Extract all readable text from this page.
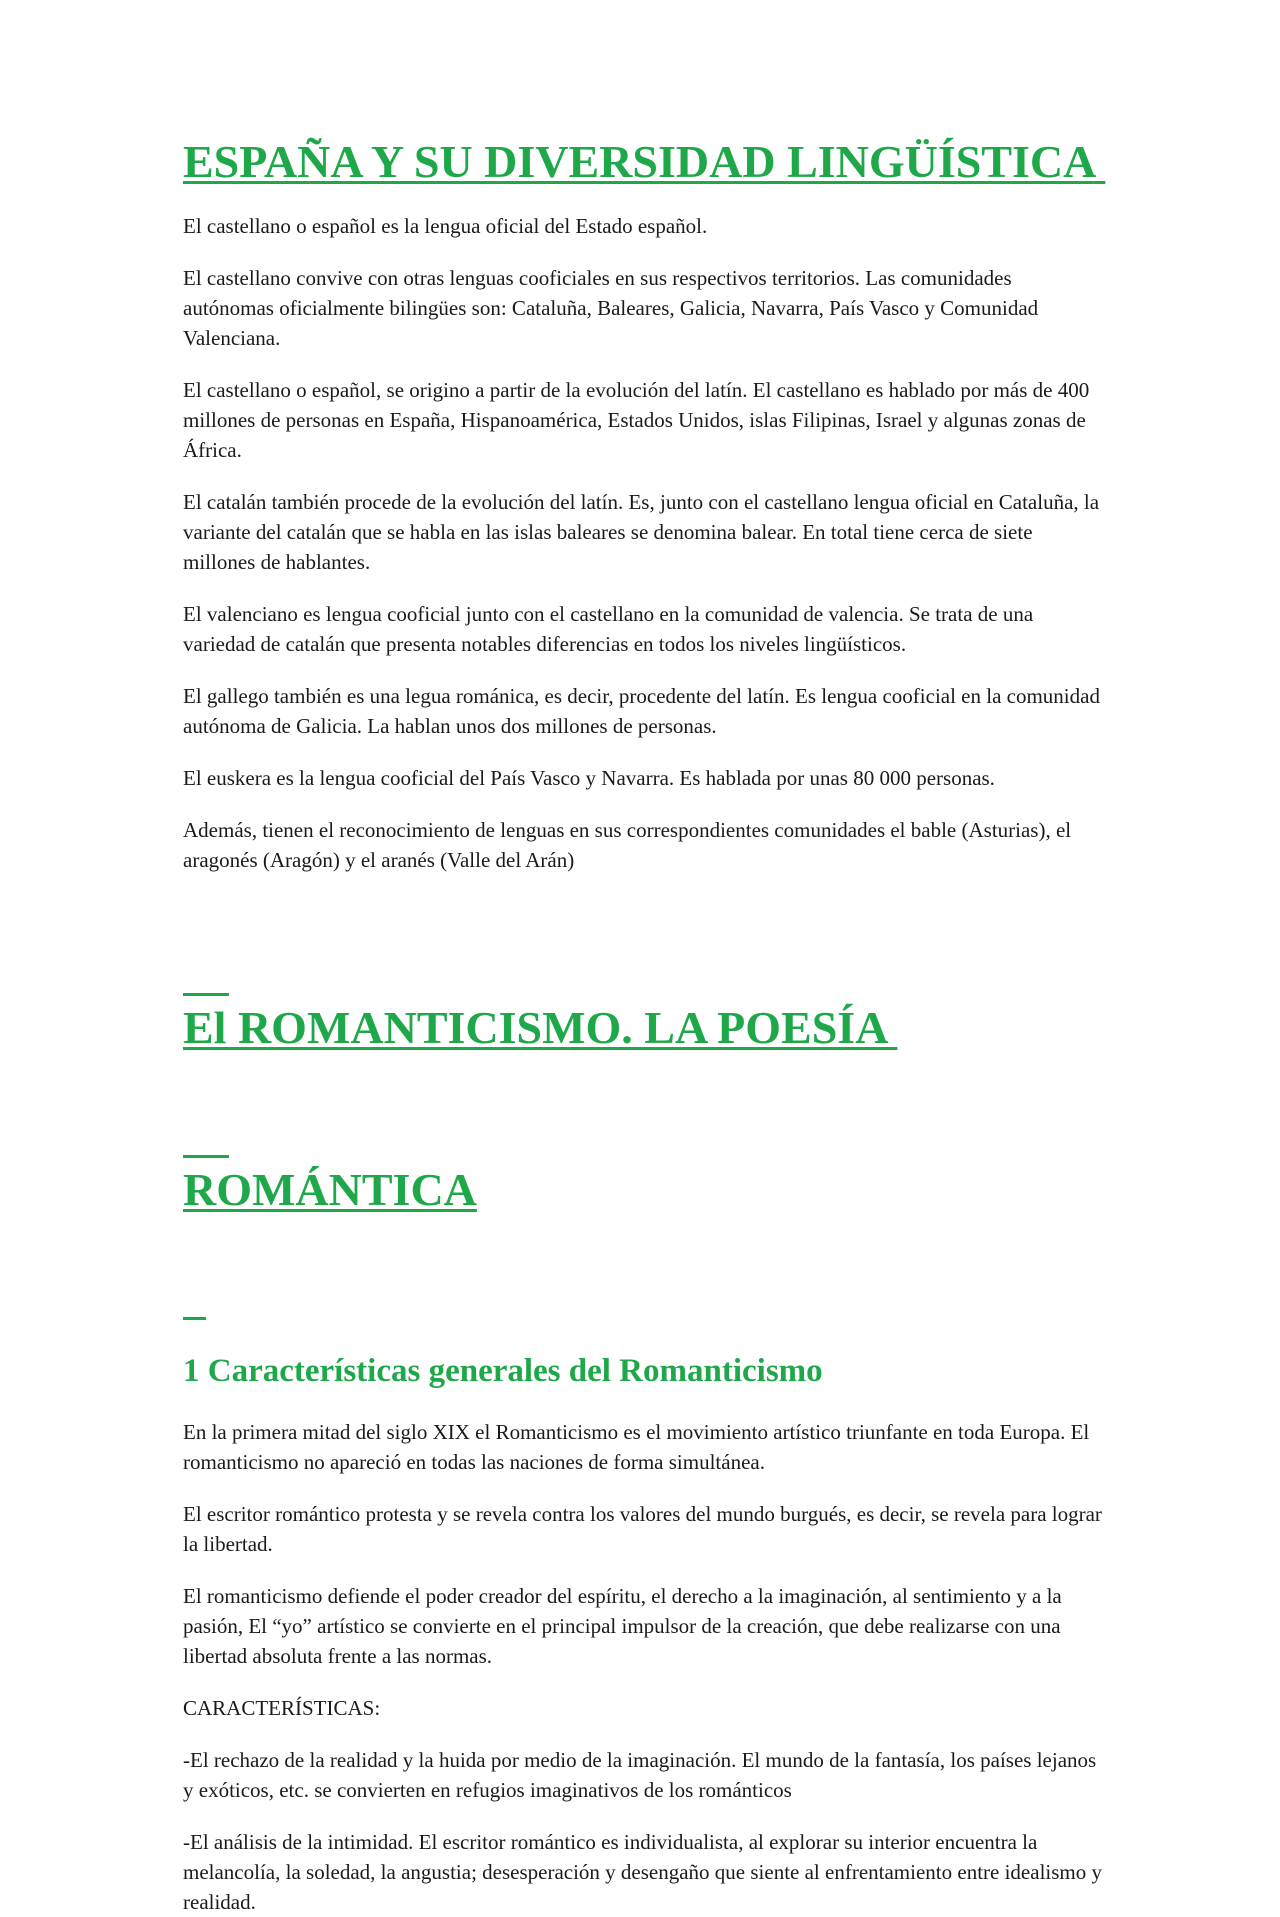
ESPAÑA Y SU DIVERSIDAD LINGÜÍSTICA

El castellano o español es la lengua oficial del Estado español.

El castellano convive con otras lenguas cooficiales en sus respectivos territorios. Las comunidades autónomas oficialmente bilingües son: Cataluña, Baleares, Galicia, Navarra, País Vasco y Comunidad Valenciana.

El castellano o español, se origino a partir de la evolución del latín. El castellano es hablado por más de 400 millones de personas en España, Hispanoamérica, Estados Unidos, islas Filipinas, Israel y algunas zonas de África.

El catalán también procede de la evolución del latín. Es, junto con el castellano lengua oficial en Cataluña, la variante del catalán que se habla en las islas baleares se denomina balear. En total tiene cerca de siete millones de hablantes.

El valenciano es lengua cooficial junto con el castellano en la comunidad de valencia. Se trata de una variedad de catalán que presenta notables diferencias en todos los niveles lingüísticos.

El gallego también es una legua románica, es decir, procedente del latín. Es lengua cooficial en la comunidad autónoma de Galicia. La hablan unos dos millones de personas.

El euskera es la lengua cooficial del País Vasco y Navarra. Es hablada por unas 80 000 personas.

Además, tienen el reconocimiento de lenguas en sus correspondientes comunidades el bable (Asturias), el aragonés (Aragón) y el aranés (Valle del Arán)

El ROMANTICISMO. LA POESÍA

ROMÁNTICA

1 Características generales del Romanticismo

En la primera mitad del siglo XIX el Romanticismo es el movimiento artístico triunfante en toda Europa. El romanticismo no apareció en todas las naciones de forma simultánea.

El escritor romántico protesta y se revela contra los valores del mundo burgués, es decir, se revela para lograr la libertad.

El romanticismo defiende el poder creador del espíritu, el derecho a la imaginación, al sentimiento y a la pasión, El “yo” artístico se convierte en el principal impulsor de la creación, que debe realizarse con una libertad absoluta frente a las normas.

CARACTERÍSTICAS:

-El rechazo de la realidad y la huida por medio de la imaginación. El mundo de la fantasía, los países lejanos y exóticos, etc. se convierten en refugios imaginativos de los románticos

-El análisis de la intimidad. El escritor romántico es individualista, al explorar su interior encuentra la melancolía, la soledad, la angustia; desesperación y desengaño que siente al enfrentamiento entre idealismo y realidad.
